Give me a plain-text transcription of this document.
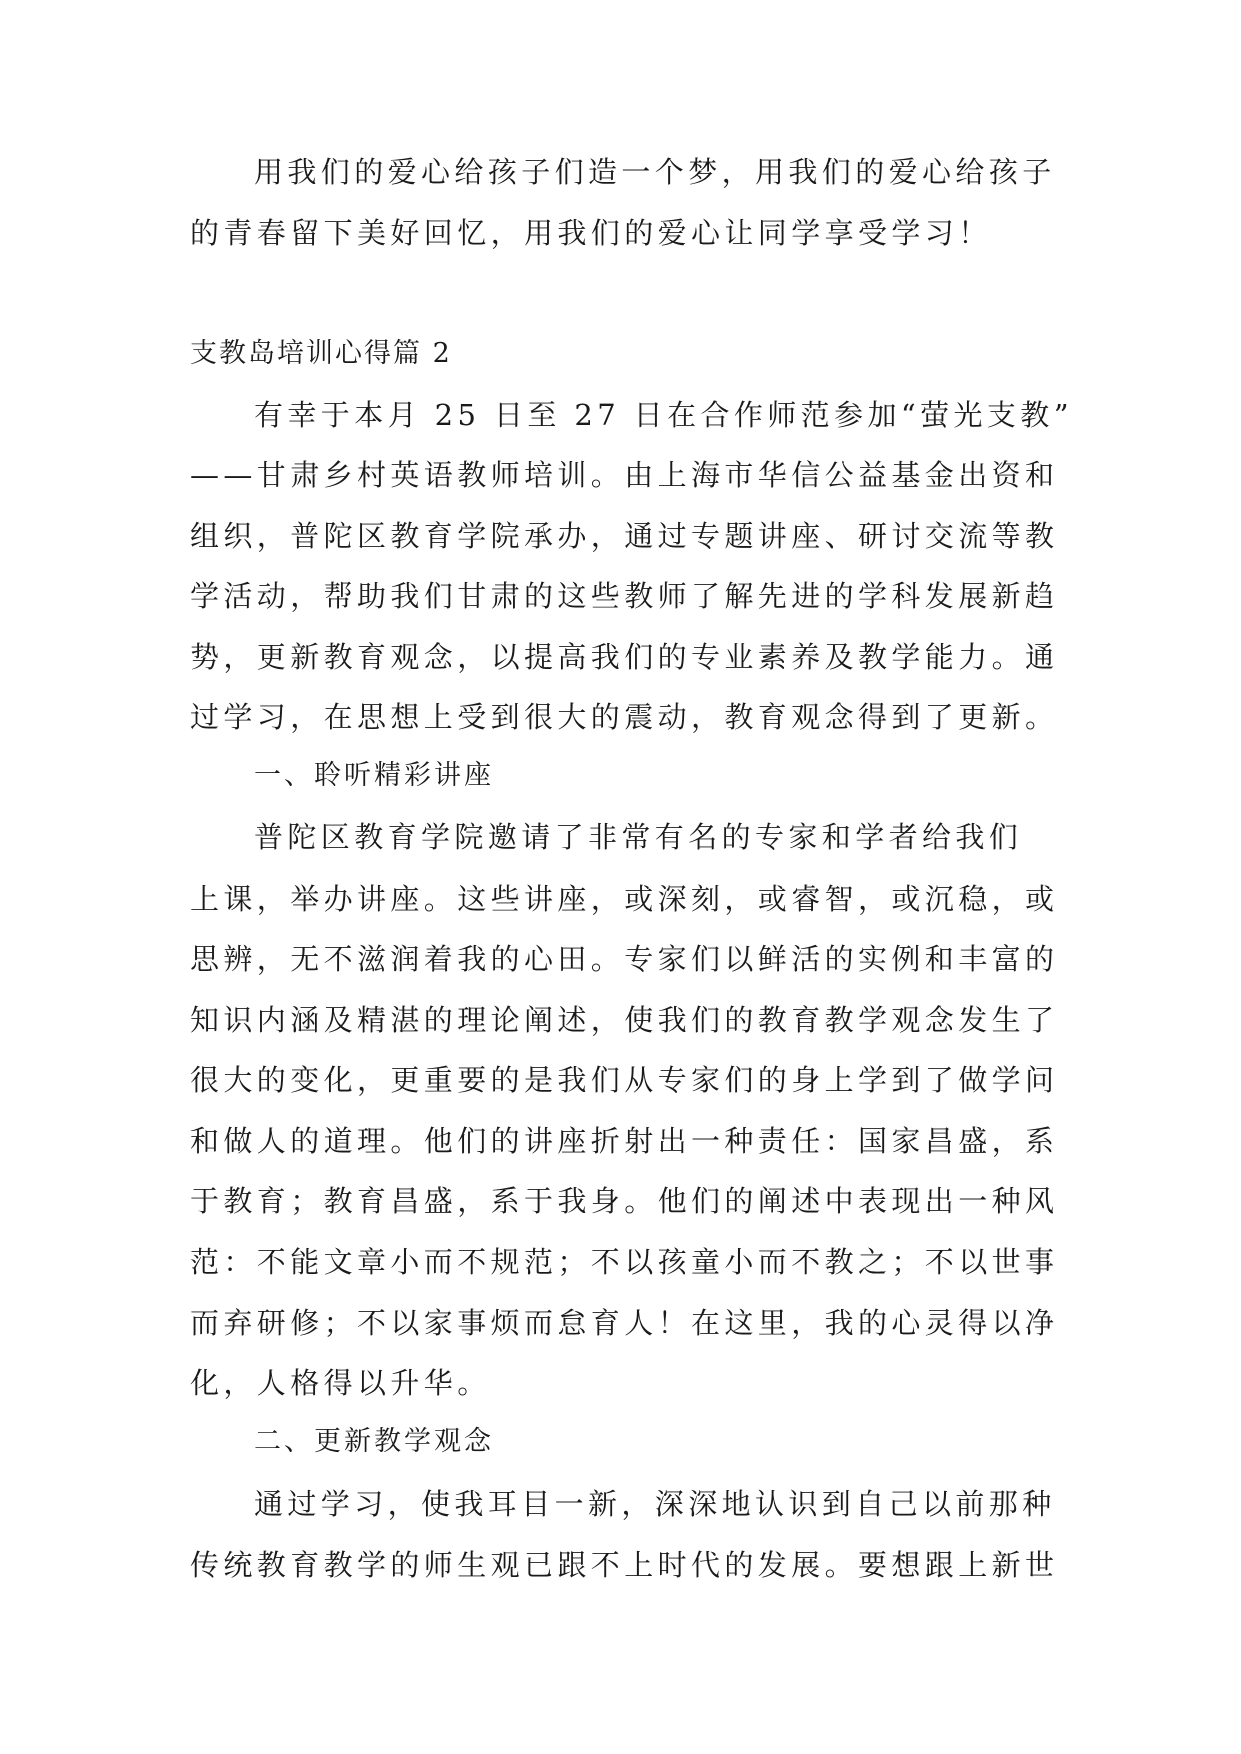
用我们的爱心给孩子们造一个梦，用我们的爱心给孩子
的青春留下美好回忆，用我们的爱心让同学享受学习！
支教岛培训心得篇 2
有幸于本月 25 日至 27 日在合作师范参加“萤光支教”
——甘肃乡村英语教师培训。由上海市华信公益基金出资和
组织，普陀区教育学院承办，通过专题讲座、研讨交流等教
学活动，帮助我们甘肃的这些教师了解先进的学科发展新趋
势，更新教育观念，以提高我们的专业素养及教学能力。通
过学习，在思想上受到很大的震动，教育观念得到了更新。
一、聆听精彩讲座
普陀区教育学院邀请了非常有名的专家和学者给我们
上课，举办讲座。这些讲座，或深刻，或睿智，或沉稳，或
思辨，无不滋润着我的心田。专家们以鲜活的实例和丰富的
知识内涵及精湛的理论阐述，使我们的教育教学观念发生了
很大的变化，更重要的是我们从专家们的身上学到了做学问
和做人的道理。他们的讲座折射出一种责任：国家昌盛，系
于教育；教育昌盛，系于我身。他们的阐述中表现出一种风
范：不能文章小而不规范；不以孩童小而不教之；不以世事
而弃研修；不以家事烦而怠育人！在这里，我的心灵得以净
化，人格得以升华。
二、更新教学观念
通过学习，使我耳目一新，深深地认识到自己以前那种
传统教育教学的师生观已跟不上时代的发展。要想跟上新世
